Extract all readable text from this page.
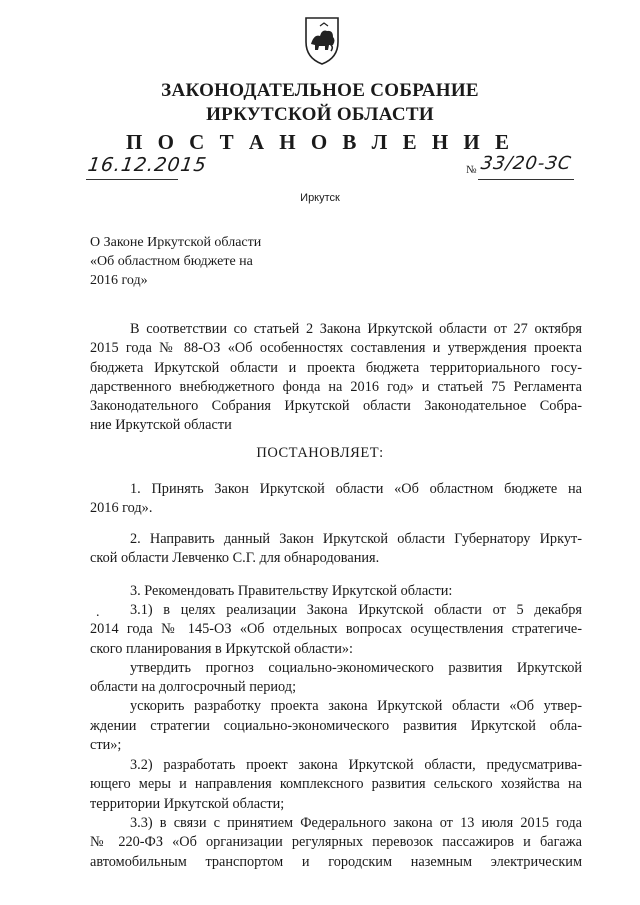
ЗАКОНОДАТЕЛЬНОЕ СОБРАНИЕ
ИРКУТСКОЙ ОБЛАСТИ
П О С Т А Н О В Л Е Н И Е
16.12.2015	№ 33/20-ЗС
Иркутск
О Законе Иркутской области
«Об областном бюджете на
2016 год»
В соответствии со статьей 2 Закона Иркутской области от 27 октября
2015 года № 88-ОЗ «Об особенностях составления и утверждения проекта
бюджета Иркутской области и проекта бюджета территориального госу-
дарственного внебюджетного фонда на 2016 год» и статьей 75 Регламента
Законодательного Собрания Иркутской области Законодательное Собра-
ние Иркутской области
ПОСТАНОВЛЯЕТ:
1. Принять Закон Иркутской области «Об областном бюджете на
2016 год».
2. Направить данный Закон Иркутской области Губернатору Иркут-
ской области Левченко С.Г. для обнародования.
3. Рекомендовать Правительству Иркутской области:
.	3.1) в целях реализации Закона Иркутской области от 5 декабря
2014 года № 145-ОЗ «Об отдельных вопросах осуществления стратегиче-
ского планирования в Иркутской области»:
утвердить прогноз социально-экономического развития Иркутской
области на долгосрочный период;
ускорить разработку проекта закона Иркутской области «Об утвер-
ждении стратегии социально-экономического развития Иркутской обла-
сти»;
3.2) разработать проект закона Иркутской области, предусматрива-
ющего меры и направления комплексного развития сельского хозяйства на
территории Иркутской области;
3.3) в связи с принятием Федерального закона от 13 июля 2015 года
№ 220-ФЗ «Об организации регулярных перевозок пассажиров и багажа
автомобильным транспортом и городским наземным электрическим
